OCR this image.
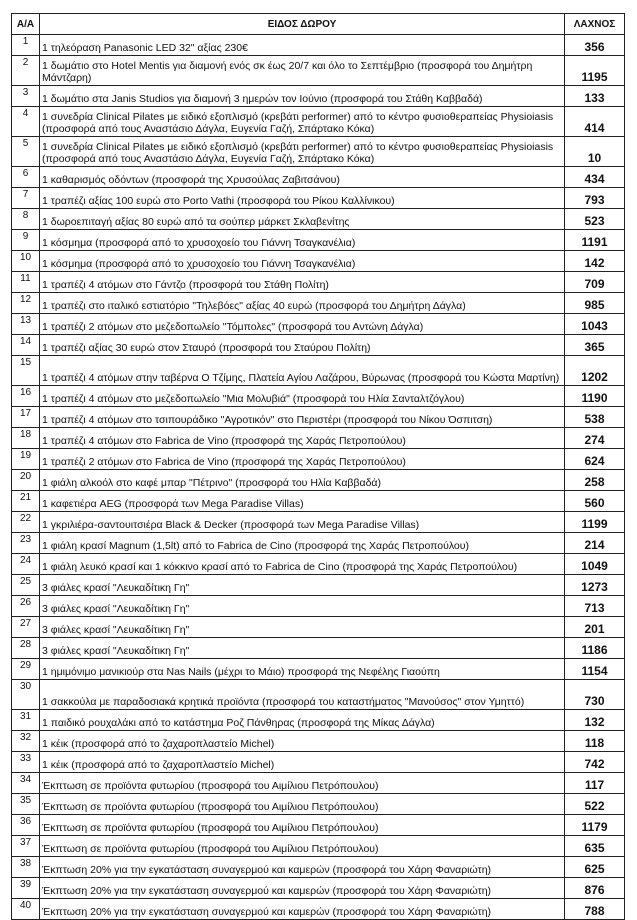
Α/Α	ΕΙΔΟΣ ΔΩΡΟΥ	ΛΑΧΝΟΣ
1	1 τηλεόραση Panasonic LED 32" αξίας 230€	356
2	1 δωμάτιο στο Hotel Mentis για διαμονή ενός σκ έως 20/7 και όλο το Σεπτέμβριο (προσφορά του Δημήτρη Μάντζαρη)	1195
3	1 δωμάτιο στα Janis Studios για διαμονή 3 ημερών τον Ιούνιο (προσφορά του Στάθη Καββαδά)	133
4	1 συνεδρία Clinical Pilates με ειδικό εξοπλισμό (κρεβάτι performer) από το κέντρο φυσιοθεραπείας Physioiasis (προσφορά από τους Αναστάσιο Δάγλα, Ευγενία Γαζή, Σπάρτακο Κόκα)	414
5	1 συνεδρία Clinical Pilates με ειδικό εξοπλισμό (κρεβάτι performer) από το κέντρο φυσιοθεραπείας Physioiasis (προσφορά από τους Αναστάσιο Δάγλα, Ευγενία Γαζή, Σπάρτακο Κόκα)	10
6	1 καθαρισμός οδόντων (προσφορά της Χρυσούλας Ζαβιτσάνου)	434
7	1 τραπέζι αξίας 100 ευρώ στο Porto Vathi (προσφορά του Ρίκου Καλλίνικου)	793
8	1 δωροεπιταγή αξίας 80 ευρώ από τα σούπερ μάρκετ Σκλαβενίτης	523
9	1 κόσμημα (προσφορά από το χρυσοχοείο του Γιάννη Τσαγκανέλια)	1191
10	1 κόσμημα (προσφορά από το χρυσοχοείο του Γιάννη Τσαγκανέλια)	142
11	1 τραπέζι 4 ατόμων στο Γάντζο (προσφορά του Στάθη Πολίτη)	709
12	1 τραπέζι στο ιταλικό εστιατόριο "Τηλεβόες" αξίας 40 ευρώ (προσφορά του Δημήτρη Δάγλα)	985
13	1 τραπέζι 2 ατόμων στο μεζεδοπωλείο "Τόμπολες" (προσφορά του Αντώνη Δάγλα)	1043
14	1 τραπέζι αξίας 30 ευρώ στον Σταυρό (προσφορά του Σταύρου Πολίτη)	365
15	1 τραπέζι 4 ατόμων στην ταβέρνα Ο Τζίμης, Πλατεία Αγίου Λαζάρου, Βύρωνας (προσφορά του Κώστα Μαρτίνη)	1202
16	1 τραπέζι 4 ατόμων στο μεζεδοπωλείο "Μια Μολυβιά" (προσφορά του Ηλία Σανταλτζόγλου)	1190
17	1 τραπέζι 4 ατόμων στο τσιπουράδικο "Αγροτικόν" στο Περιστέρι (προσφορά του Νίκου Όσπιτση)	538
18	1 τραπέζι 4 ατόμων στο Fabrica de Vino (προσφορά της Χαράς Πετροπούλου)	274
19	1 τραπέζι 2 ατόμων στο Fabrica de Vino (προσφορά της Χαράς Πετροπούλου)	624
20	1 φιάλη αλκοόλ στο καφέ μπαρ "Πέτρινο" (προσφορά του Ηλία Καββαδά)	258
21	1 καφετιέρα AEG (προσφορά των Mega Paradise Villas)	560
22	1 γκριλιέρα-σαντουιτσιέρα Black & Decker (προσφορά των Mega Paradise Villas)	1199
23	1 φιάλη κρασί Magnum (1,5lt) από το Fabrica de Cino (προσφορά της Χαράς Πετροπούλου)	214
24	1 φιάλη λευκό κρασί και 1 κόκκινο κρασί από το Fabrica de Cino (προσφορά της Χαράς Πετροπούλου)	1049
25	3 φιάλες κρασί "Λευκαδίτικη Γη"	1273
26	3 φιάλες κρασί "Λευκαδίτικη Γη"	713
27	3 φιάλες κρασί "Λευκαδίτικη Γη"	201
28	3 φιάλες κρασί "Λευκαδίτικη Γη"	1186
29	1 ημιμόνιμο μανικιούρ στα Nas Nails (μέχρι το Μάιο) προσφορά της Νεφέλης Γιαούπη	1154
30	1 σακκούλα με παραδοσιακά κρητικά προϊόντα (προσφορά του καταστήματος "Μανούσος" στον Υμηττό)	730
31	1 παιδικό ρουχαλάκι από το κατάστημα Ροζ Πάνθηρας (προσφορά της Μίκας Δάγλα)	132
32	1 κέικ (προσφορά από το ζαχαροπλαστείο Michel)	118
33	1 κέικ (προσφορά από το ζαχαροπλαστείο Michel)	742
34	Έκπτωση σε προϊόντα φυτωρίου (προσφορά του Αιμίλιου Πετρόπουλου)	117
35	Έκπτωση σε προϊόντα φυτωρίου (προσφορά του Αιμίλιου Πετρόπουλου)	522
36	Έκπτωση σε προϊόντα φυτωρίου (προσφορά του Αιμίλιου Πετρόπουλου)	1179
37	Έκπτωση σε προϊόντα φυτωρίου (προσφορά του Αιμίλιου Πετρόπουλου)	635
38	Έκπτωση 20% για την εγκατάσταση συναγερμού και καμερών (προσφορά του Χάρη Φαναριώτη)	625
39	Έκπτωση 20% για την εγκατάσταση συναγερμού και καμερών (προσφορά του Χάρη Φαναριώτη)	876
40	Έκπτωση 20% για την εγκατάσταση συναγερμού και καμερών (προσφορά του Χάρη Φαναριώτη)	788
